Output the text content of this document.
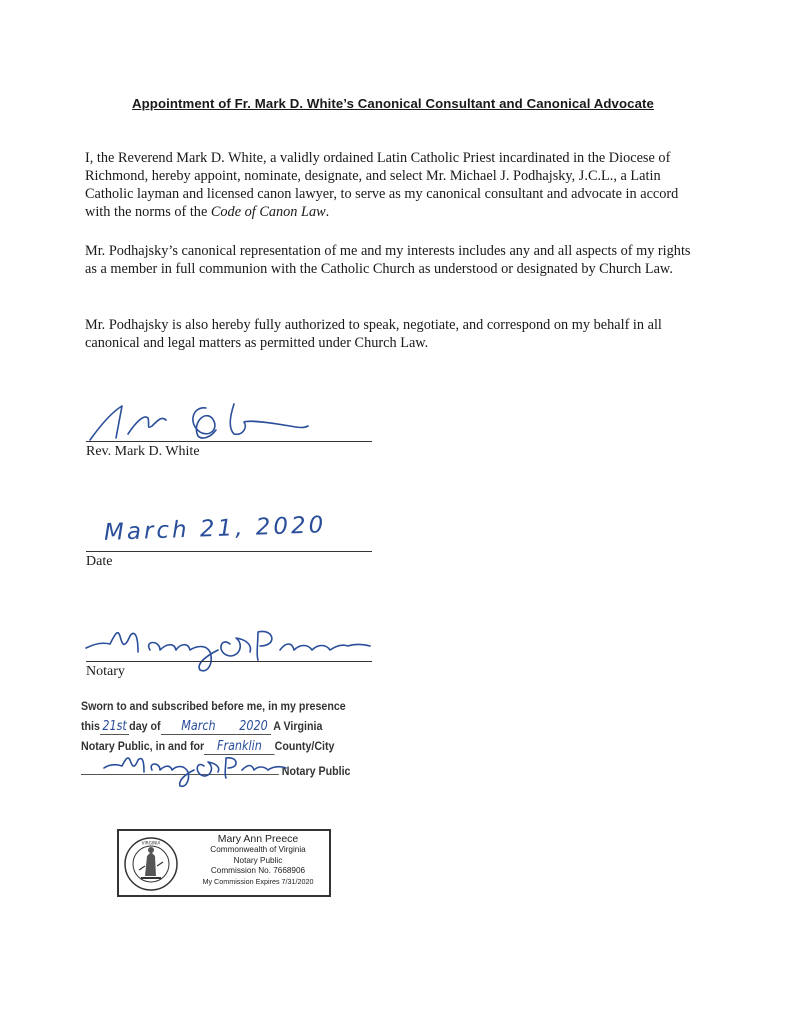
Appointment of Fr. Mark D. White’s Canonical Consultant and Canonical Advocate

I, the Reverend Mark D. White, a validly ordained Latin Catholic Priest incardinated in the Diocese of Richmond, hereby appoint, nominate, designate, and select Mr. Michael J. Podhajsky, J.C.L., a Latin Catholic layman and licensed canon lawyer, to serve as my canonical consultant and advocate in accord with the norms of the Code of Canon Law.

Mr. Podhajsky’s canonical representation of me and my interests includes any and all aspects of my rights as a member in full communion with the Catholic Church as understood or designated by Church Law.

Mr. Podhajsky is also hereby fully authorized to speak, negotiate, and correspond on my behalf in all canonical and legal matters as permitted under Church Law.

Rev. Mark D. White
March 21, 2020
Date
Notary
Sworn to and subscribed before me, in my presence
this 21st day of March 2020 A Virginia
Notary Public, in and for Franklin County/City
Notary Public
VIRGINIA	Mary Ann Preece
Commonwealth of Virginia
Notary Public
Commission No. 7668906
My Commission Expires 7/31/2020
